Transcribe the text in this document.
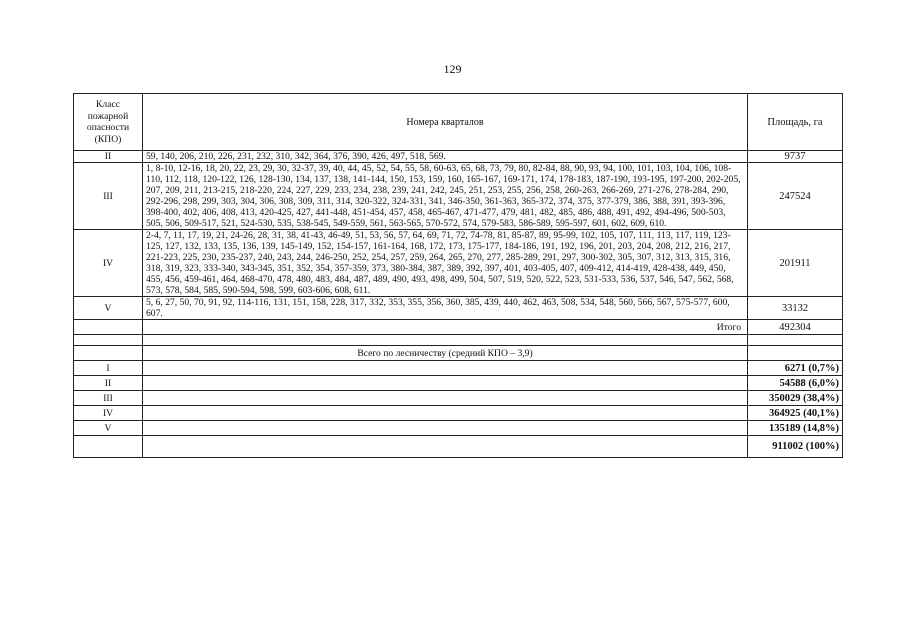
129
Класс пожарной опасности (КПО)	Номера кварталов	Площадь, га
II	59, 140, 206, 210, 226, 231, 232, 310, 342, 364, 376, 390, 426, 497, 518, 569.	9737
III	1, 8-10, 12-16, 18, 20, 22, 23, 29, 30, 32-37, 39, 40, 44, 45, 52, 54, 55, 58, 60-63, 65, 68, 73, 79, 80, 82-84, 88, 90, 93, 94, 100, 101, 103, 104, 106, 108-110, 112, 118, 120-122, 126, 128-130, 134, 137, 138, 141-144, 150, 153, 159, 160, 165-167, 169-171, 174, 178-183, 187-190, 193-195, 197-200, 202-205, 207, 209, 211, 213-215, 218-220, 224, 227, 229, 233, 234, 238, 239, 241, 242, 245, 251, 253, 255, 256, 258, 260-263, 266-269, 271-276, 278-284, 290, 292-296, 298, 299, 303, 304, 306, 308, 309, 311, 314, 320-322, 324-331, 341, 346-350, 361-363, 365-372, 374, 375, 377-379, 386, 388, 391, 393-396, 398-400, 402, 406, 408, 413, 420-425, 427, 441-448, 451-454, 457, 458, 465-467, 471-477, 479, 481, 482, 485, 486, 488, 491, 492, 494-496, 500-503, 505, 506, 509-517, 521, 524-530, 535, 538-545, 549-559, 561, 563-565, 570-572, 574, 579-583, 586-589, 595-597, 601, 602, 609, 610.	247524
IV	2-4, 7, 11, 17, 19, 21, 24-26, 28, 31, 38, 41-43, 46-49, 51, 53, 56, 57, 64, 69, 71, 72, 74-78, 81, 85-87, 89, 95-99, 102, 105, 107, 111, 113, 117, 119, 123-125, 127, 132, 133, 135, 136, 139, 145-149, 152, 154-157, 161-164, 168, 172, 173, 175-177, 184-186, 191, 192, 196, 201, 203, 204, 208, 212, 216, 217, 221-223, 225, 230, 235-237, 240, 243, 244, 246-250, 252, 254, 257, 259, 264, 265, 270, 277, 285-289, 291, 297, 300-302, 305, 307, 312, 313, 315, 316, 318, 319, 323, 333-340, 343-345, 351, 352, 354, 357-359, 373, 380-384, 387, 389, 392, 397, 401, 403-405, 407, 409-412, 414-419, 428-438, 449, 450, 455, 456, 459-461, 464, 468-470, 478, 480, 483, 484, 487, 489, 490, 493, 498, 499, 504, 507, 519, 520, 522, 523, 531-533, 536, 537, 546, 547, 562, 568, 573, 578, 584, 585, 590-594, 598, 599, 603-606, 608, 611.	201911
V	5, 6, 27, 50, 70, 91, 92, 114-116, 131, 151, 158, 228, 317, 332, 353, 355, 356, 360, 385, 439, 440, 462, 463, 508, 534, 548, 560, 566, 567, 575-577, 600, 607.	33132
	Итого	492304

	Всего по лесничеству (средний КПО – 3,9)	
I		6271 (0,7%)
II		54588 (6,0%)
III		350029 (38,4%)
IV		364925 (40,1%)
V		135189 (14,8%)
		911002 (100%)
